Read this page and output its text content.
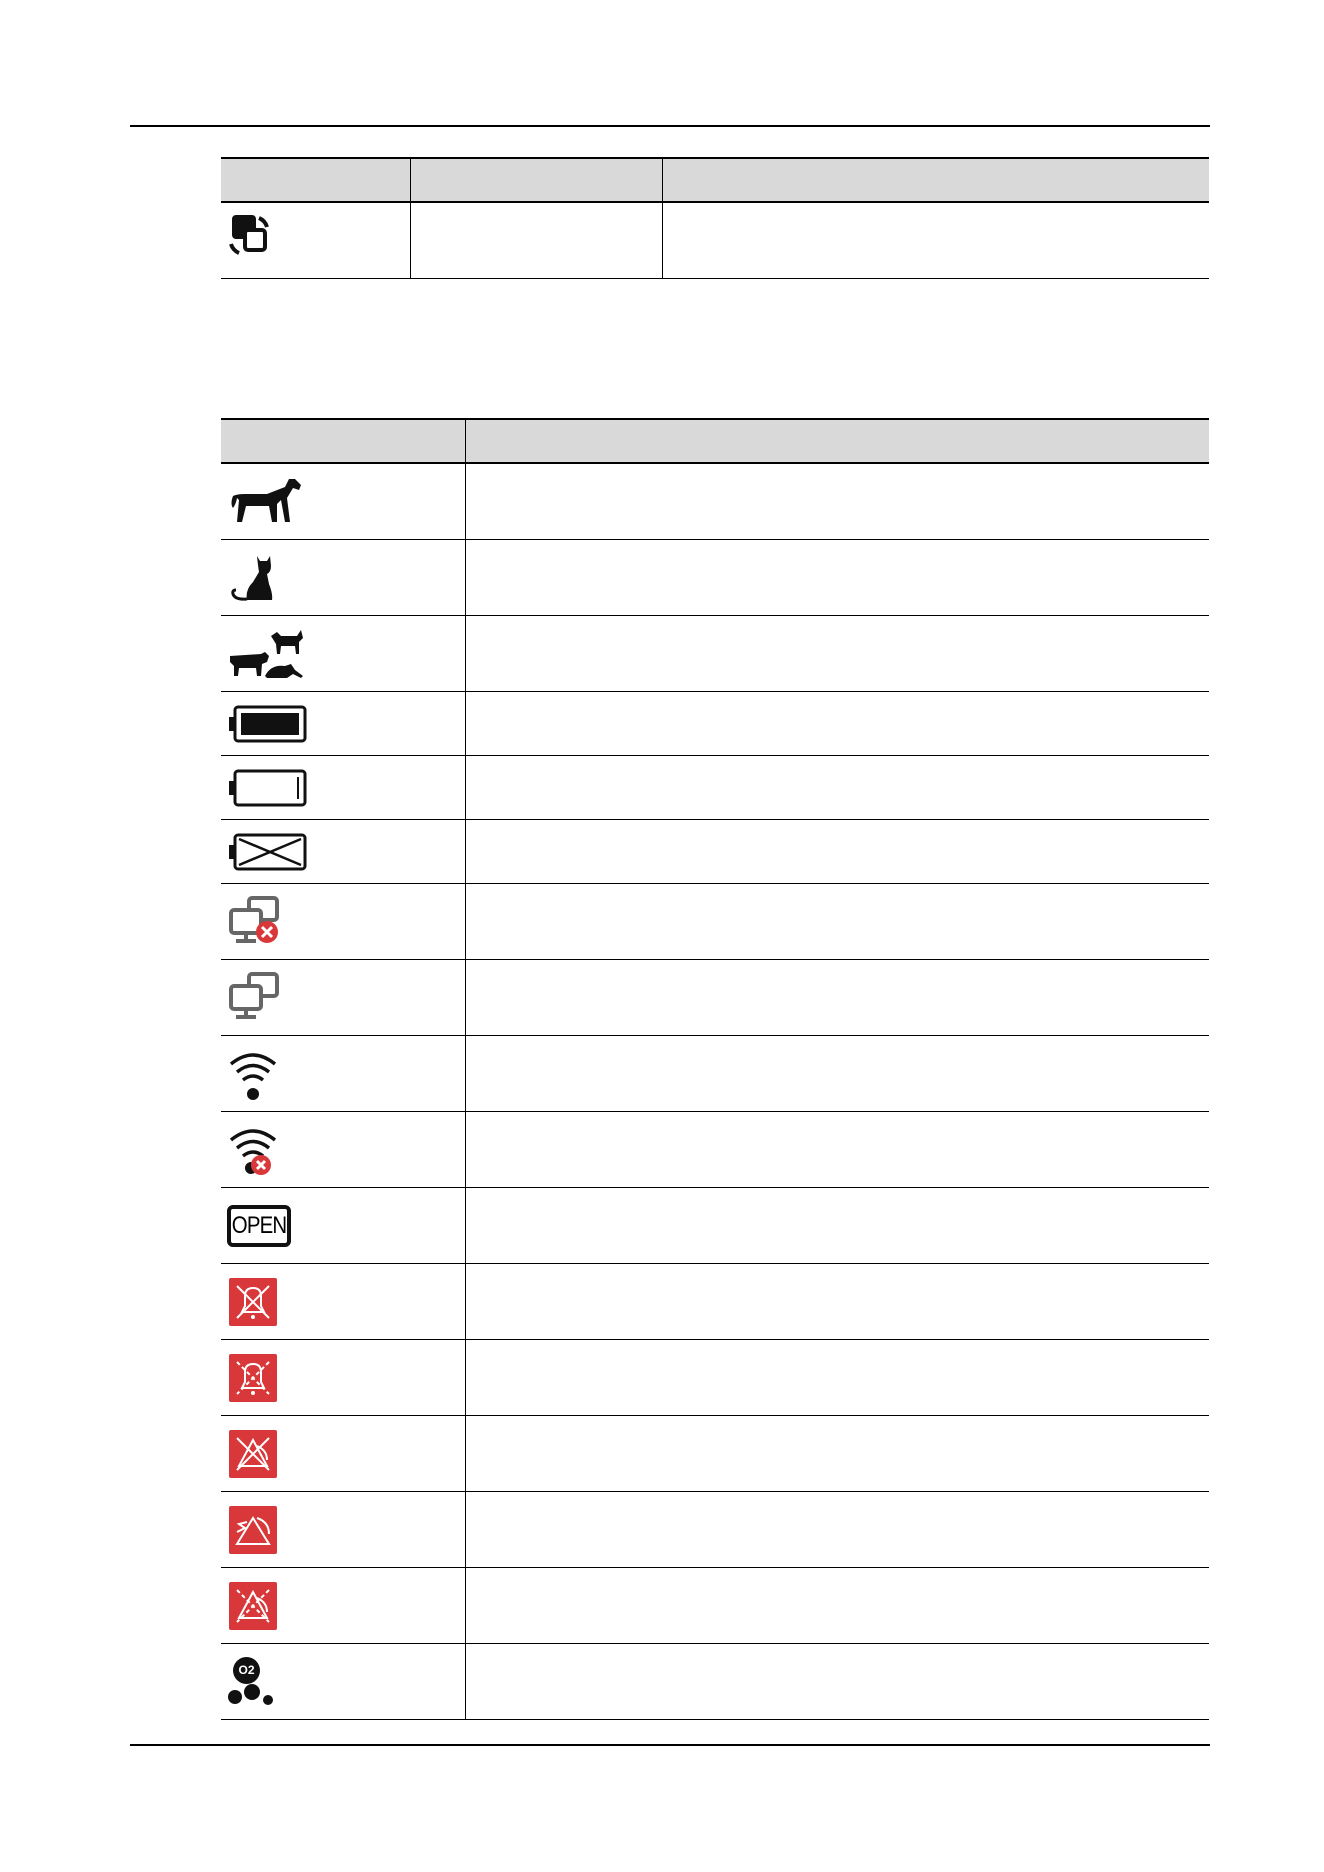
OPEN	

O2	
